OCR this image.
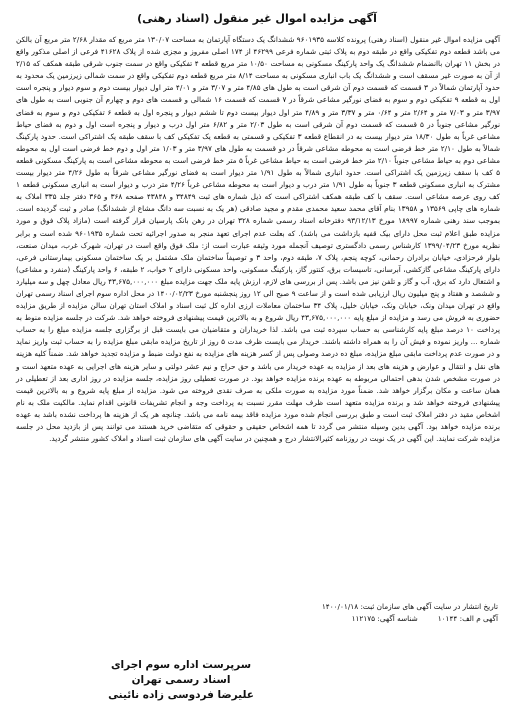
آگهی مزایده اموال غیر منقول (اسناد رهنی)

آگهی مزایده اموال غیر منقول (اسناد رهنی) پرونده کلاسه ۹۶۰۱۹۳۵ ششدانگ یک دستگاه آپارتمان به مساحت ۱۳۰/۰۷ متر مربع که مقدار ۲/۶۸ متر مربع آن بالکن می باشد قطعه دوم تفکیکی واقع در طبقه دوم به پلاک ثبتی شماره فرعی ۴۶۲۹۹ از ۱۷۴ اصلی مفروز و مجزی شده از پلاک ۴۱۶۲۸ فرعی از اصلی مذکور واقع در بخش ۱۱ تهران باانضمام ششدانگ یک واحد پارکینگ مسکونی به مساحت ۱۰/۵۰ متر مربع قطعه ۴ تفکیکی واقع در سمت جنوب شرقی طبقه همکف که ۲/۱۵ از آن به صورت غیر مسقف است و ششدانگ یک باب انباری مسکونی به مساحت ۸/۱۴ متر مربع قطعه دوم تفکیکی واقع در سمت شمالی زیرزمین یک محدود به حدود آپارتمان شمالاً در ۳ قسمت که قسمت دوم آن شرقی است به طول های ۴/۸۵ متر و ۳/۰۷ متر و ۴/۰۱ متر اول دیوار بیست دوم و سوم دیوار و پنجره است اول به قطعه ۹ تفکیکی دوم و سوم به فضای نورگیر مشاعی شرقاً در ۷ قسمت که قسمت ۱۶ شمالی و قسمت های دوم و چهارم آن جنوبی است به طول های ۳/۹۷ متر و ۷/۰۳ متر و ۲/۶۴ متر و ۰/۶۴ متر و ۳/۳۷ متر و ۴/۸۹ متر اول دیوار بیست دوم تا ششم دیوار و پنجره اول به قطعه ۶ تفکیکی دوم و سوم به فضای نورگیر مشاعی جنوباً در ۵ قسمت که قسمت دوم آن شرقی است به طول ۲/۰۳ متر و ۶/۸۲ متر اول درب و دیوار و پنجره است اول و دوم به فضای حیاط مشاعی غرباً به طول ۱۸/۳۰ متر دیوار بیست به در انقطاع قطعه ۳ تفکیکی و قسمتی به قطعه یک تفکیکی کف با سقف طبقه یک اشتراکی است. حدود پارکینگ شمالاً به طول ۲/۱۰ متر خط فرضی است به محوطه مشاعی شرقاً در دو قسمت به طول های ۳/۹۷ متر و ۱/۰۳ متر اول و دوم خط فرضی است اول به محوطه مشاعی دوم به حیاط مشاعی جنوباً ۲/۱۰ متر خط فرضی است به حیاط مشاعی غرباً ۵ متر خط فرضی است به محوطه مشاعی است به پارکینگ مسکونی قطعه ۵ کف با سقف زیرزمین یک اشتراکی است. حدود انباری شمالاً به طول ۱/۹۱ متر دیوار است به فضای نورگیر مشاعی شرقاً به طول ۴/۲۶ متر دیوار بیست مشترک به انباری مسکونی قطعه ۳ جنوباً به طول ۱/۹۱ متر درب و دیوار است به محوطه مشاعی غرباً ۴/۲۶ متر درب و دیوار است به انباری مسکونی قطعه ۱ کف روی عرصه مشاعی است. سقف با کف طبقه همکف اشتراکی است که ذیل شماره های ثبت ۳۴۸۴۹ و ۴۳۸۴۸ صفحه ۳۶۸ و ۳۶۵ دفتر جلد ۳۳۵ املاک به شماره های چاپی ۱۳۵۶۹ و ۱۳۹۵۸ بنام آقای محمد سعید محمدی مقدم و مجید صادقی (هر یک به نسبت سه دانگ مشاع از ششدانگ) صادر و ثبت گردیده است. بموجب سند رهنی شماره ۱۸۹۹۷ مورخ ۹۳/۱۲/۱۳ دفترخانه اسناد رسمی شماره ۳۲۸ تهران در رهن بانک پارسیان قرار گرفته است (مازاد پلاک فوق و مورد مزایده طبق اعلام ثبت محل دارای بیک قفیه بازداشت می باشد). که بعلت عدم اجرای تعهد منجر به صدور اجرائیه تحت شماره ۹۶۰۱۹۳۵ شده است و برابر نظریه مورخ ۱۳۹۹/۰۴/۲۳ کارشناس رسمی دادگستری توصیف آنجمله مورد وثیقه عبارت است از: ملک فوق واقع است در تهران، شهرک غرب، میدان صنعت، بلوار فرحزادی، خیابان برادران رحمانی، کوچه پنجم، پلاک ۷، طبقه دوم، واحد ۳ و توصیفاً ساختمان ملک مشتمل بر یک ساختمان مسکونی بیمارستانی فرعی، دارای پارکینگ مشاعی گازکشی، آبرسانی، تاسیسات برق، کنتور گاز، پارکینگ مسکونی، واحد مسکونی دارای ۲ خواب، ۲ طبقه، ۶ واحد پارکینگ (منفرد و مشاعی) و اشتغال دارد که برق، آب و گاز و تلفن نیز می باشد. پس از بررسی های لازم، ارزش پایه ملک جهت مزایده مبلغ ۴۳,۶۷۵,۰۰۰,۰۰۰ ریال معادل چهل و سه میلیارد و ششصد و هفتاد و پنج میلیون ریال ارزیابی شده است و از ساعت ۹ صبح الی ۱۲ روز پنجشنبه مورخ ۱۴۰۰/۰۲/۲۳ در محل اداره سوم اجرای اسناد رسمی تهران واقع در تهران میدان ونک، خیابان ونک، خیابان خلیل، پلاک ۳۴ ساختمان معاملات ارزی اداره کل ثبت اسناد و املاک استان تهران سالن مزایده از طریق مزایده حضوری به فروش می رسد و مزایده از مبلغ پایه ۴۳,۶۷۵,۰۰۰,۰۰۰ ریال شروع و به بالاترین قیمت پیشنهادی فروخته خواهد شد. شرکت در جلسه مزایده منوط به پرداخت ۱۰ درصد مبلغ پایه کارشناسی به حساب سپرده ثبت می باشد. لذا خریداران و متقاضیان می بایست قبل از برگزاری جلسه مزایده مبلغ را به حساب شماره ... واریز نموده و فیش آن را به همراه داشته باشند. خریدار می بایست ظرف مدت ۵ روز از تاریخ مزایده مابقی مبلغ مزایده را به حساب ثبت واریز نماید و در صورت عدم پرداخت مابقی مبلغ مزایده، مبلغ ده درصد وصولی پس از کسر هزینه های مزایده به نفع دولت ضبط و مزایده تجدید خواهد شد. ضمناً کلیه هزینه های نقل و انتقال و عوارض و هزینه های بعد از مزایده به عهده خریدار می باشد و حق حراج و نیم عشر دولتی و سایر هزینه های اجرایی به عهده متعهد است و در صورت مشخص شدن بدهی احتمالی مربوطه به عهده برنده مزایده خواهد بود. در صورت تعطیلی روز مزایده، جلسه مزایده در روز اداری بعد از تعطیلی در همان ساعت و مکان برگزار خواهد شد. ضمناً مورد مزایده به صورت ملکی به صرف نقدی فروخته می شود. مزایده از مبلغ پایه شروع و به بالاترین قیمت پیشنهادی فروخته خواهد شد و برنده مزایده متعهد است ظرف مهلت مقرر نسبت به پرداخت وجه و انجام تشریفات قانونی اقدام نماید. مالکیت ملک به نام اشخاص مقید در دفتر املاک ثبت است و طبق بررسی انجام شده مورد مزایده فاقد بیمه نامه می باشد. چنانچه هر یک از هزینه ها پرداخت نشده باشد به عهده برنده مزایده خواهد بود. آگهی بدین وسیله منتشر می گردد تا همه اشخاص حقیقی و حقوقی که متقاضی خرید هستند می توانند پس از بازدید محل در جلسه مزایده شرکت نمایند. این آگهی در یک نوبت در روزنامه کثیرالانتشار درج و همچنین در سایت آگهی های سازمان ثبت اسناد و املاک کشور منتشر گردید.

تاریخ انتشار در سایت آگهی های سازمان ثبت: ۱۴۰۰/۰۱/۱۸
آگهی م الف: ۱۰۱۴۴
شناسه آگهی: ۱۱۲۱۷۵
سرپرست اداره سوم اجرای اسناد رسمی تهران
علیرضا فردوسی زاده نائینی
